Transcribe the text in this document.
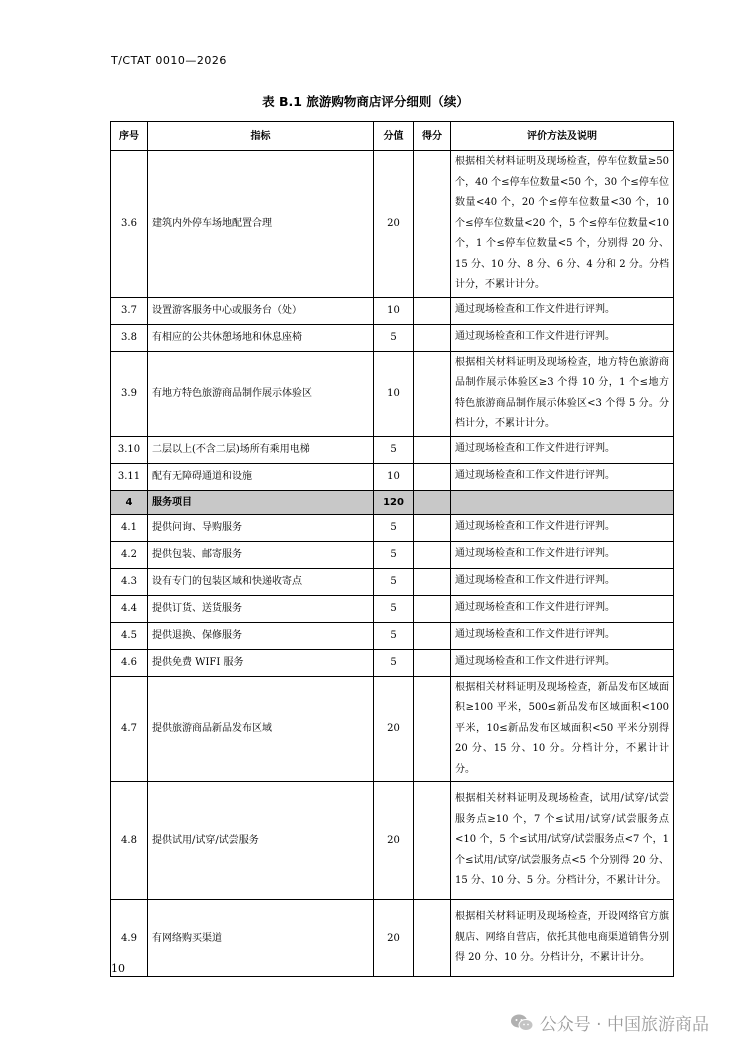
T/CTAT 0010—2026
表 B.1 旅游购物商店评分细则（续）
序号	指标	分值	得分	评价方法及说明
3.6	建筑内外停车场地配置合理	20		根据相关材料证明及现场检查，停车位数量≥50 个，40 个≤停车位数量<50 个，30 个≤停车位数量<40 个，20 个≤停车位数量<30 个，10 个≤停车位数量<20 个，5 个≤停车位数量<10 个，1 个≤停车位数量<5 个，分别得 20 分、15 分、10 分、8 分、6 分、4 分和 2 分。分档计分，不累计计分。
3.7	设置游客服务中心或服务台（处）	10		通过现场检查和工作文件进行评判。
3.8	有相应的公共休憩场地和休息座椅	5		通过现场检查和工作文件进行评判。
3.9	有地方特色旅游商品制作展示体验区	10		根据相关材料证明及现场检查，地方特色旅游商品制作展示体验区≥3 个得 10 分，1 个≤地方特色旅游商品制作展示体验区<3 个得 5 分。分档计分，不累计计分。
3.10	二层以上(不含二层)场所有乘用电梯	5		通过现场检查和工作文件进行评判。
3.11	配有无障碍通道和设施	10		通过现场检查和工作文件进行评判。
4	服务项目	120		
4.1	提供问询、导购服务	5		通过现场检查和工作文件进行评判。
4.2	提供包装、邮寄服务	5		通过现场检查和工作文件进行评判。
4.3	设有专门的包装区域和快递收寄点	5		通过现场检查和工作文件进行评判。
4.4	提供订货、送货服务	5		通过现场检查和工作文件进行评判。
4.5	提供退换、保修服务	5		通过现场检查和工作文件进行评判。
4.6	提供免费 WIFI 服务	5		通过现场检查和工作文件进行评判。
4.7	提供旅游商品新品发布区域	20		根据相关材料证明及现场检查，新品发布区域面积≥100 平米，500≤新品发布区域面积<100 平米，10≤新品发布区域面积<50 平米分别得 20 分、15 分、10 分。分档计分，不累计计分。
4.8	提供试用/试穿/试尝服务	20		根据相关材料证明及现场检查，试用/试穿/试尝服务点≥10 个，7 个≤试用/试穿/试尝服务点<10 个，5 个≤试用/试穿/试尝服务点<7 个，1 个≤试用/试穿/试尝服务点<5 个分别得 20 分、15 分、10 分、5 分。分档计分，不累计计分。
4.9	有网络购买渠道	20		根据相关材料证明及现场检查，开设网络官方旗舰店、网络自营店，依托其他电商渠道销售分别得 20 分、10 分。分档计分，不累计计分。
10
公众号 · 中国旅游商品
